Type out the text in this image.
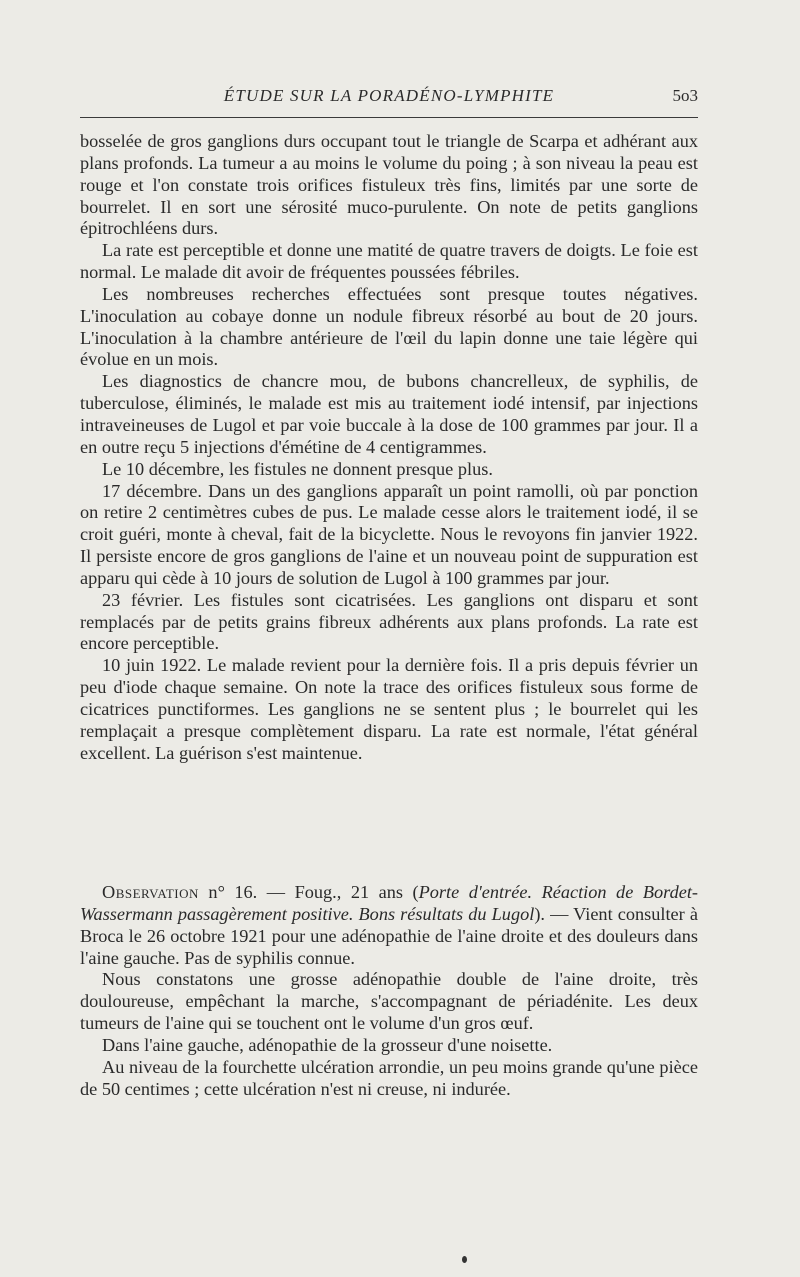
ÉTUDE SUR LA PORADÉNO-LYMPHITE	5o3

bosselée de gros ganglions durs occupant tout le triangle de Scarpa et adhérant aux plans profonds. La tumeur a au moins le volume du poing ; à son niveau la peau est rouge et l'on constate trois orifices fistuleux très fins, limités par une sorte de bourrelet. Il en sort une sérosité muco-purulente. On note de petits ganglions épitrochléens durs.

La rate est perceptible et donne une matité de quatre travers de doigts. Le foie est normal. Le malade dit avoir de fréquentes poussées fébriles.

Les nombreuses recherches effectuées sont presque toutes négatives. L'inoculation au cobaye donne un nodule fibreux résorbé au bout de 20 jours. L'inoculation à la chambre antérieure de l'œil du lapin donne une taie légère qui évolue en un mois.

Les diagnostics de chancre mou, de bubons chancrelleux, de syphilis, de tuberculose, éliminés, le malade est mis au traitement iodé intensif, par injections intraveineuses de Lugol et par voie buccale à la dose de 100 grammes par jour. Il a en outre reçu 5 injections d'émétine de 4 centigrammes.

Le 10 décembre, les fistules ne donnent presque plus.

17 décembre. Dans un des ganglions apparaît un point ramolli, où par ponction on retire 2 centimètres cubes de pus. Le malade cesse alors le traitement iodé, il se croit guéri, monte à cheval, fait de la bicyclette. Nous le revoyons fin janvier 1922. Il persiste encore de gros ganglions de l'aine et un nouveau point de suppuration est apparu qui cède à 10 jours de solution de Lugol à 100 grammes par jour.

23 février. Les fistules sont cicatrisées. Les ganglions ont disparu et sont remplacés par de petits grains fibreux adhérents aux plans profonds. La rate est encore perceptible.

10 juin 1922. Le malade revient pour la dernière fois. Il a pris depuis février un peu d'iode chaque semaine. On note la trace des orifices fistuleux sous forme de cicatrices punctiformes. Les ganglions ne se sentent plus ; le bourrelet qui les remplaçait a presque complètement disparu. La rate est normale, l'état général excellent. La guérison s'est maintenue.

Observation n° 16. — Foug., 21 ans (Porte d'entrée. Réaction de Bordet-Wassermann passagèrement positive. Bons résultats du Lugol). — Vient consulter à Broca le 26 octobre 1921 pour une adénopathie de l'aine droite et des douleurs dans l'aine gauche. Pas de syphilis connue.

Nous constatons une grosse adénopathie double de l'aine droite, très douloureuse, empêchant la marche, s'accompagnant de périadénite. Les deux tumeurs de l'aine qui se touchent ont le volume d'un gros œuf.

Dans l'aine gauche, adénopathie de la grosseur d'une noisette.

Au niveau de la fourchette ulcération arrondie, un peu moins grande qu'une pièce de 50 centimes ; cette ulcération n'est ni creuse, ni indurée.
